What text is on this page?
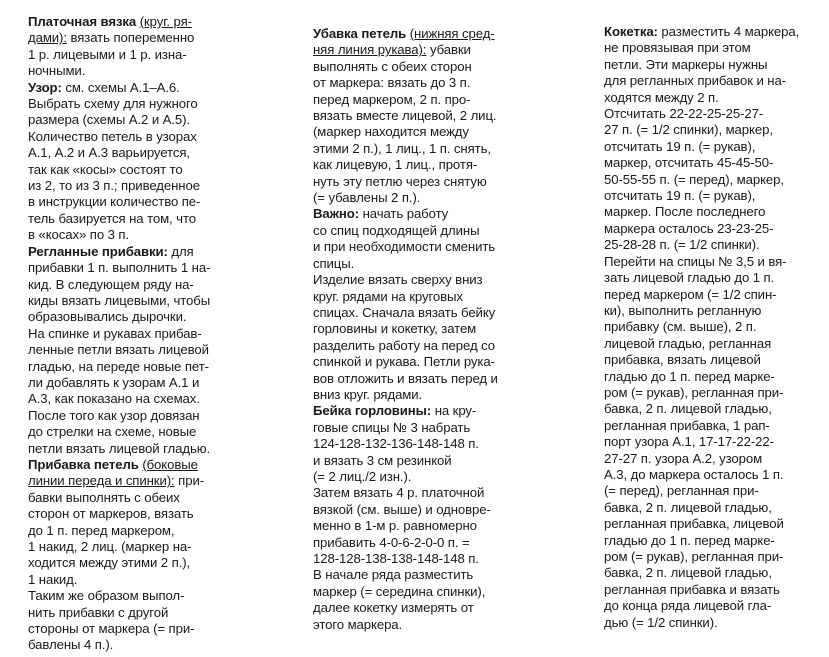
Платочная вязка (круг. ря-
дами): вязать попеременно
1 р. лицевыми и 1 р. изна-
ночными.
Узор: см. схемы А.1–А.6.
Выбрать схему для нужного
размера (схемы А.2 и А.5).
Количество петель в узорах
А.1, А.2 и А.3 варьируется,
так как «косы» состоят то
из 2, то из 3 п.; приведенное
в инструкции количество пе-
тель базируется на том, что
в «косах» по 3 п.
Регланные прибавки: для
прибавки 1 п. выполнить 1 на-
кид. В следующем ряду на-
киды вязать лицевыми, чтобы
образовывались дырочки.
На спинке и рукавах прибав-
ленные петли вязать лицевой
гладью, на переде новые пет-
ли добавлять к узорам А.1 и
А.3, как показано на схемах.
После того как узор довязан
до стрелки на схеме, новые
петли вязать лицевой гладью.
Прибавка петель (боковые
линии переда и спинки): при-
бавки выполнять с обеих
сторон от маркеров, вязать
до 1 п. перед маркером,
1 накид, 2 лиц. (маркер на-
ходится между этими 2 п.),
1 накид.
Таким же образом выпол-
нить прибавки с другой
стороны от маркера (= при-
бавлены 4 п.).
Убавка петель (нижняя сред-
няя линия рукава): убавки
выполнять с обеих сторон
от маркера: вязать до 3 п.
перед маркером, 2 п. про-
вязать вместе лицевой, 2 лиц.
(маркер находится между
этими 2 п.), 1 лиц., 1 п. снять,
как лицевую, 1 лиц., протя-
нуть эту петлю через снятую
(= убавлены 2 п.).
Важно: начать работу
со спиц подходящей длины
и при необходимости сменить
спицы.
Изделие вязать сверху вниз
круг. рядами на круговых
спицах. Сначала вязать бейку
горловины и кокетку, затем
разделить работу на перед со
спинкой и рукава. Петли рука-
вов отложить и вязать перед и
вниз круг. рядами.
Бейка горловины: на кру-
говые спицы № 3 набрать
124-128-132-136-148-148 п.
и вязать 3 см резинкой
(= 2 лиц./2 изн.).
Затем вязать 4 р. платочной
вязкой (см. выше) и одновре-
менно в 1-м р. равномерно
прибавить 4-0-6-2-0-0 п. =
128-128-138-138-148-148 п.
В начале ряда разместить
маркер (= середина спинки),
далее кокетку измерять от
этого маркера.
Кокетка: разместить 4 маркера,
не провязывая при этом
петли. Эти маркеры нужны
для регланных прибавок и на-
ходятся между 2 п.
Отсчитать 22-22-25-25-27-
27 п. (= 1/2 спинки), маркер,
отсчитать 19 п. (= рукав),
маркер, отсчитать 45-45-50-
50-55-55 п. (= перед), маркер,
отсчитать 19 п. (= рукав),
маркер. После последнего
маркера осталось 23-23-25-
25-28-28 п. (= 1/2 спинки).
Перейти на спицы № 3,5 и вя-
зать лицевой гладью до 1 п.
перед маркером (= 1/2 спин-
ки), выполнить регланную
прибавку (см. выше), 2 п.
лицевой гладью, регланная
прибавка, вязать лицевой
гладью до 1 п. перед марке-
ром (= рукав), регланная при-
бавка, 2 п. лицевой гладью,
регланная прибавка, 1 рап-
порт узора А.1, 17-17-22-22-
27-27 п. узора А.2, узором
А.3, до маркера осталось 1 п.
(= перед), регланная при-
бавка, 2 п. лицевой гладью,
регланная прибавка, лицевой
гладью до 1 п. перед марке-
ром (= рукав), регланная при-
бавка, 2 п. лицевой гладью,
регланная прибавка и вязать
до конца ряда лицевой гла-
дью (= 1/2 спинки).
